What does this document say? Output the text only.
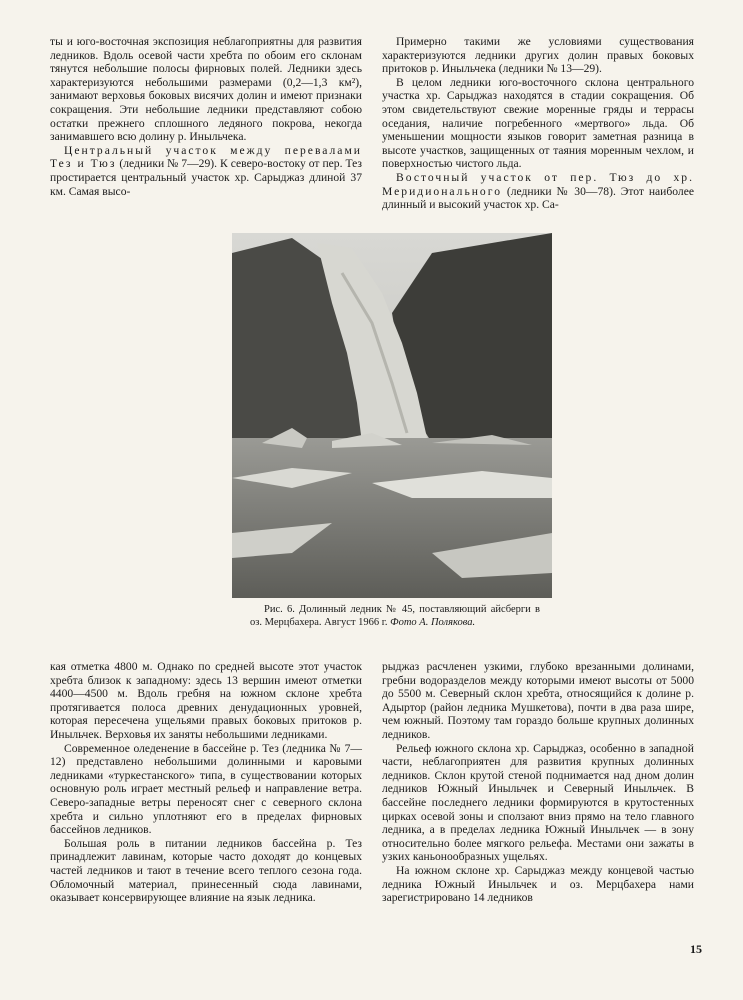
ты и юго-восточная экспозиция неблагоприятны для развития ледников. Вдоль осевой части хребта по обоим его склонам тянутся небольшие полосы фирновых полей. Ледники здесь характеризуются небольшими размерами (0,2—1,3 км²), занимают верховья боковых висячих долин и имеют признаки сокращения. Эти небольшие ледники представляют собою остатки прежнего сплошного ледяного покрова, некогда занимавшего всю долину р. Иныльчека.

Центральный участок между перевалами Тез и Тюз (ледники № 7—29). К северо-востоку от пер. Тез простирается центральный участок хр. Сарыджаз длиной 37 км. Самая высо-

Примерно такими же условиями существования характеризуются ледники других долин правых боковых притоков р. Иныльчека (ледники № 13—29).

В целом ледники юго-восточного склона центрального участка хр. Сарыджаз находятся в стадии сокращения. Об этом свидетельствуют свежие моренные гряды и террасы оседания, наличие погребенного «мертвого» льда. Об уменьшении мощности языков говорит заметная разница в высоте участков, защищенных от таяния моренным чехлом, и поверхностью чистого льда.

Восточный участок от пер. Тюз до хр. Меридионального (ледники № 30—78). Этот наиболее длинный и высокий участок хр. Са-

Рис. 6. Долинный ледник № 45, поставляющий айсберги в оз. Мерцбахера. Август 1966 г. Фото А. Полякова.

кая отметка 4800 м. Однако по средней высоте этот участок хребта близок к западному: здесь 13 вершин имеют отметки 4400—4500 м. Вдоль гребня на южном склоне хребта протягивается полоса древних денудационных уровней, которая пересечена ущельями правых боковых притоков р. Иныльчек. Верховья их заняты небольшими ледниками.

Современное оледенение в бассейне р. Тез (ледника № 7—12) представлено небольшими долинными и каровыми ледниками «туркестанского» типа, в существовании которых основную роль играет местный рельеф и направление ветра. Северо-западные ветры переносят снег с северного склона хребта и сильно уплотняют его в пределах фирновых бассейнов ледников.

Большая роль в питании ледников бассейна р. Тез принадлежит лавинам, которые часто доходят до концевых частей ледников и тают в течение всего теплого сезона года. Обломочный материал, принесенный сюда лавинами, оказывает консервирующее влияние на язык ледника.

рыджаз расчленен узкими, глубоко врезанными долинами, гребни водоразделов между которыми имеют высоты от 5000 до 5500 м. Северный склон хребта, относящийся к долине р. Адыртор (район ледника Мушкетова), почти в два раза шире, чем южный. Поэтому там гораздо больше крупных долинных ледников.

Рельеф южного склона хр. Сарыджаз, особенно в западной части, неблагоприятен для развития крупных долинных ледников. Склон крутой стеной поднимается над дном долин ледников Южный Иныльчек и Северный Иныльчек. В бассейне последнего ледники формируются в крутостенных цирках осевой зоны и сползают вниз прямо на тело главного ледника, а в пределах ледника Южный Иныльчек — в зону относительно более мягкого рельефа. Местами они зажаты в узких каньонообразных ущельях.

На южном склоне хр. Сарыджаз между концевой частью ледника Южный Иныльчек и оз. Мерцбахера нами зарегистрировано 14 ледников

15
